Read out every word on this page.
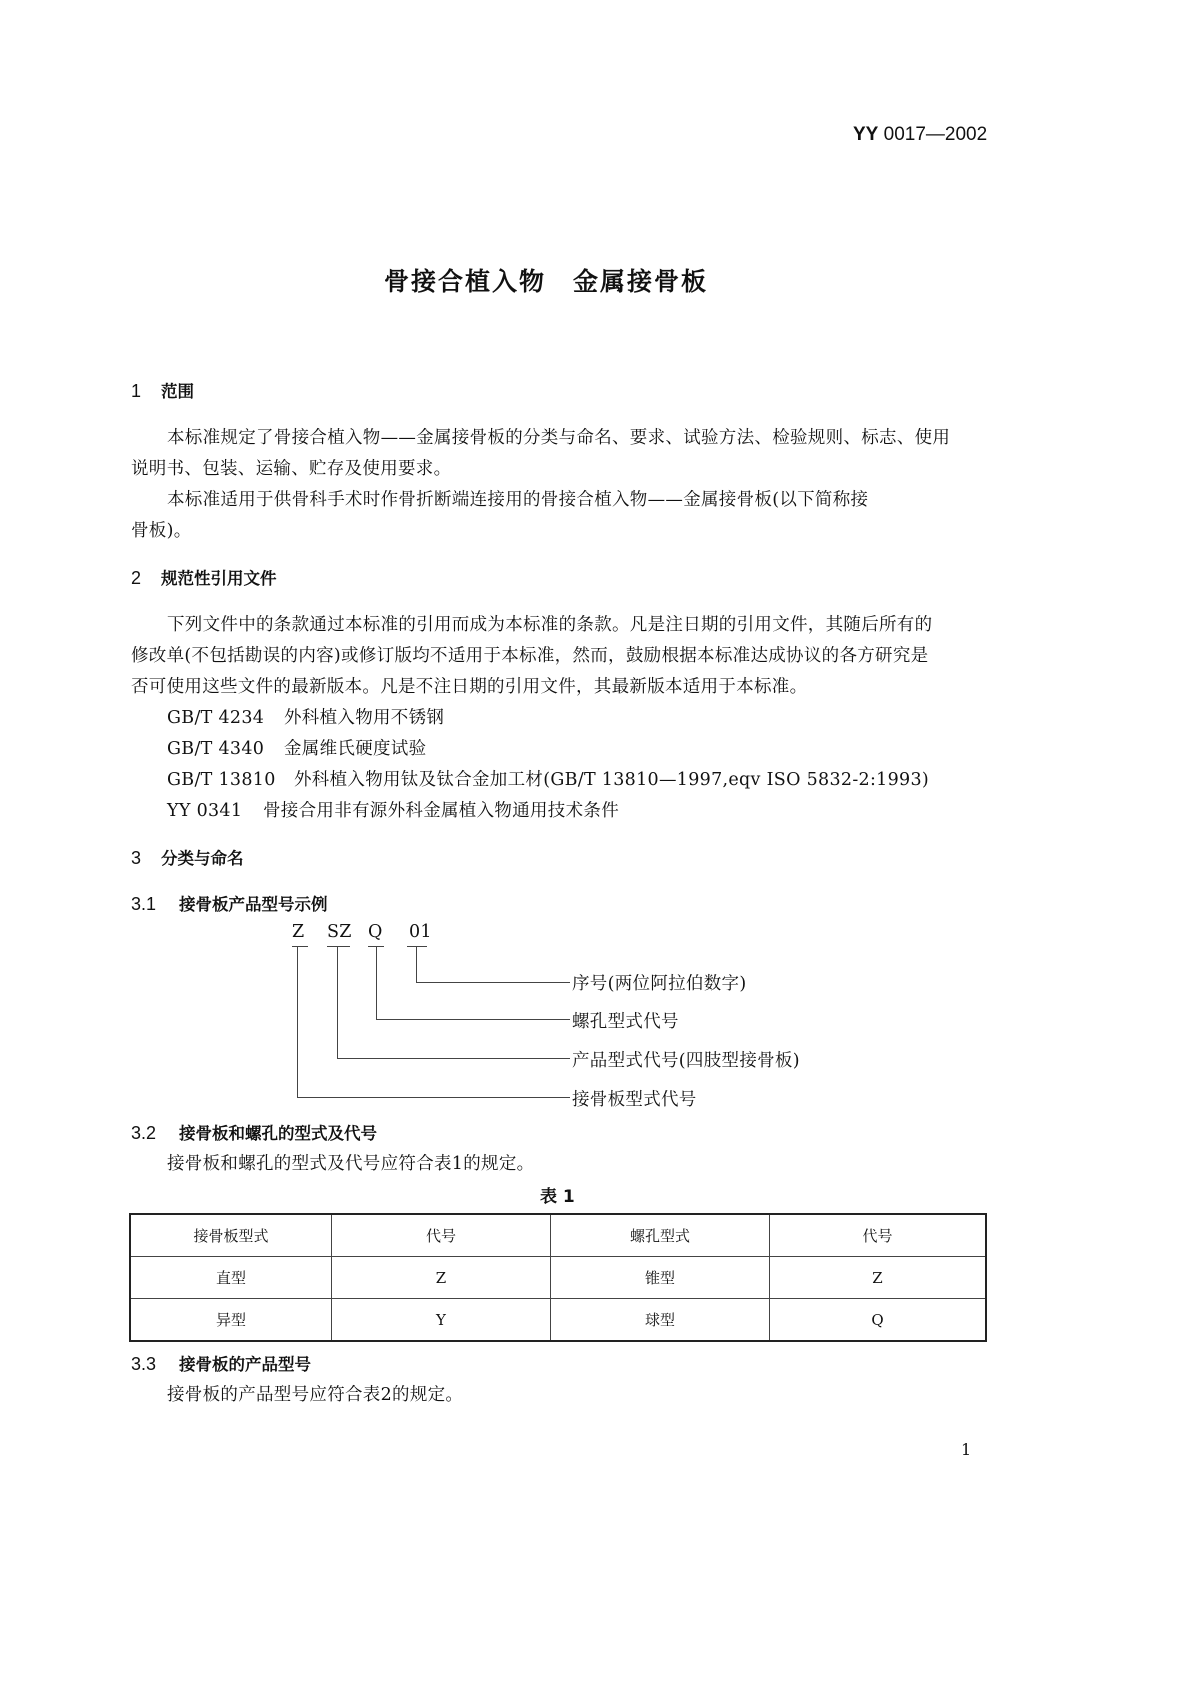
YY 0017—2002
骨接合植入物　金属接骨板
1 范围
本标准规定了骨接合植入物——金属接骨板的分类与命名、要求、试验方法、检验规则、标志、使用
说明书、包装、运输、贮存及使用要求。
本标准适用于供骨科手术时作骨折断端连接用的骨接合植入物——金属接骨板(以下简称接
骨板)。
2 规范性引用文件
下列文件中的条款通过本标准的引用而成为本标准的条款。凡是注日期的引用文件，其随后所有的
修改单(不包括勘误的内容)或修订版均不适用于本标准，然而，鼓励根据本标准达成协议的各方研究是
否可使用这些文件的最新版本。凡是不注日期的引用文件，其最新版本适用于本标准。
GB/T 4234 外科植入物用不锈钢
GB/T 4340 金属维氏硬度试验
GB/T 13810 外科植入物用钛及钛合金加工材(GB/T 13810—1997,eqv ISO 5832-2:1993)
YY 0341 骨接合用非有源外科金属植入物通用技术条件
3 分类与命名
3.1 接骨板产品型号示例
Z SZ Q 01
序号(两位阿拉伯数字)
螺孔型式代号
产品型式代号(四肢型接骨板)
接骨板型式代号
3.2 接骨板和螺孔的型式及代号
接骨板和螺孔的型式及代号应符合表1的规定。
表 1
接骨板型式	代号	螺孔型式	代号
直型	Z	锥型	Z
异型	Y	球型	Q
3.3 接骨板的产品型号
接骨板的产品型号应符合表2的规定。
1
